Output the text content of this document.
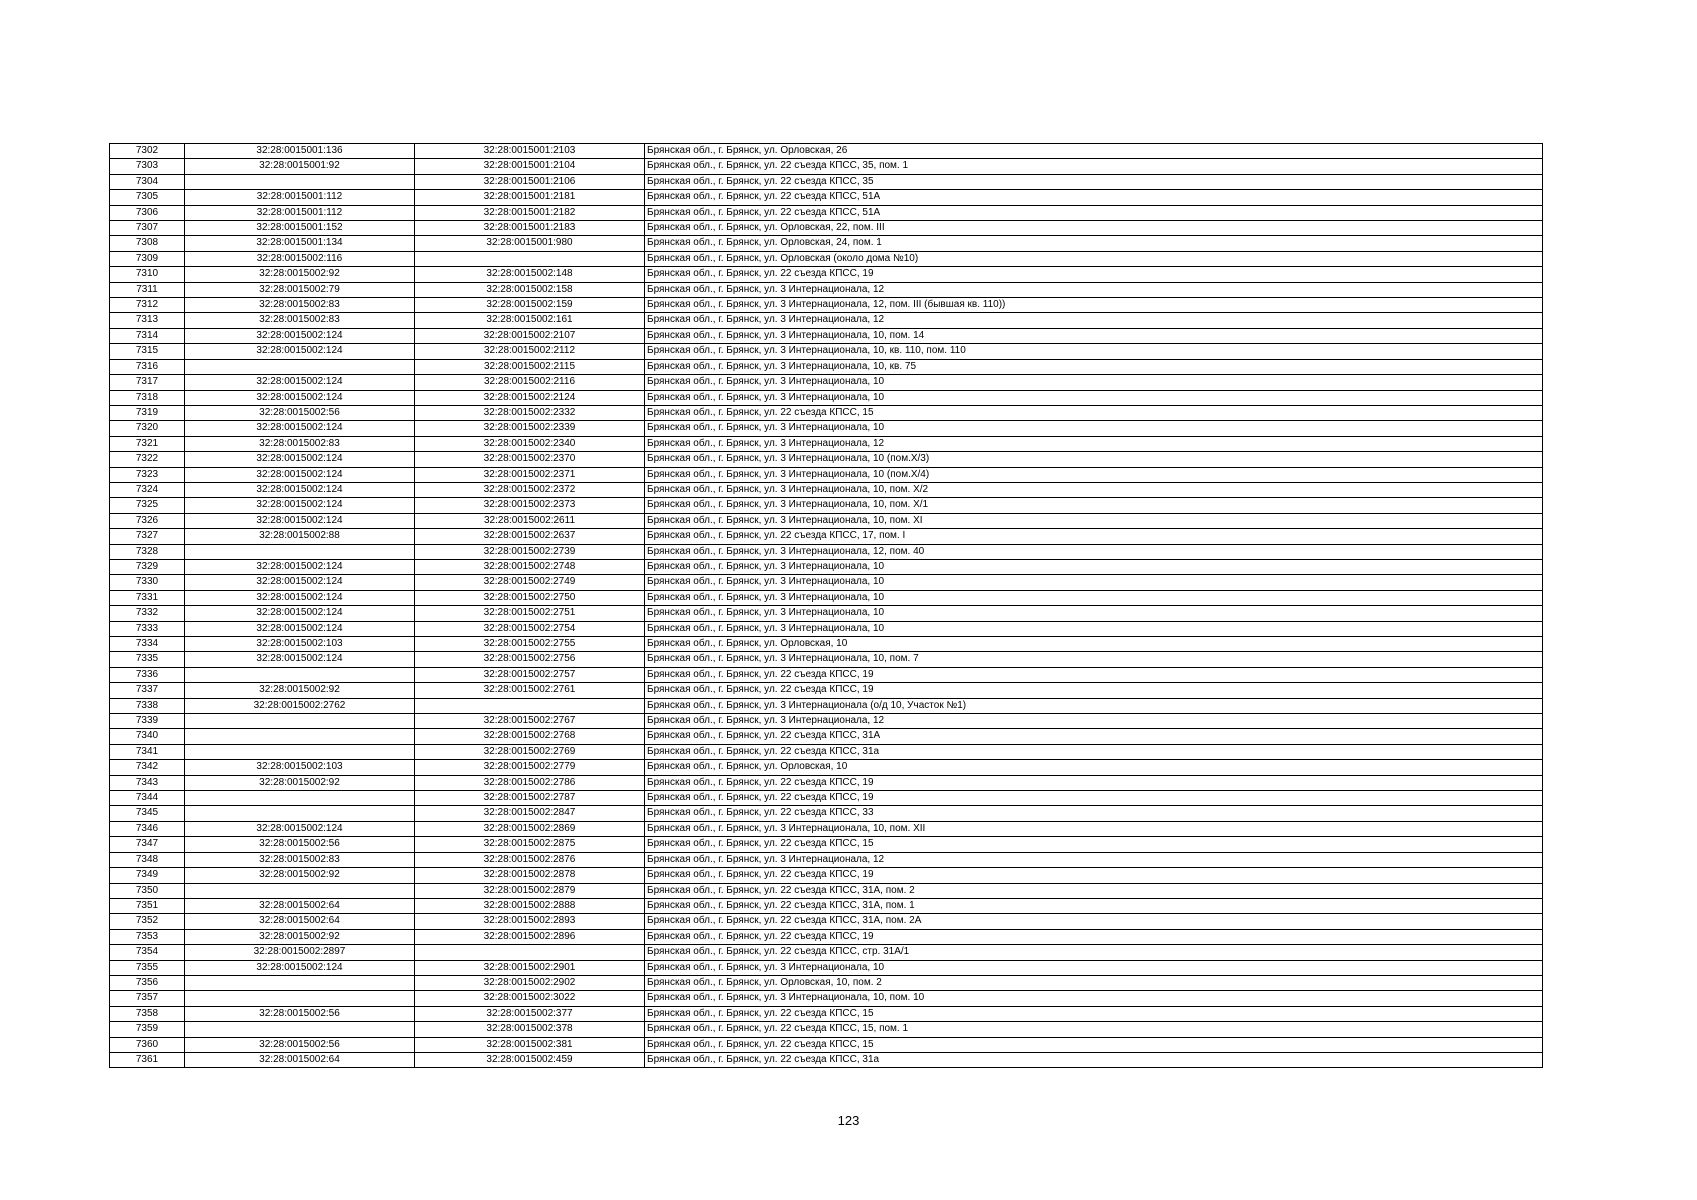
7302	32:28:0015001:136	32:28:0015001:2103	Брянская обл., г. Брянск, ул. Орловская, 26
7303	32:28:0015001:92	32:28:0015001:2104	Брянская обл., г. Брянск, ул. 22 съезда КПСС, 35, пом. 1
7304		32:28:0015001:2106	Брянская обл., г. Брянск, ул. 22 съезда КПСС, 35
7305	32:28:0015001:112	32:28:0015001:2181	Брянская обл., г. Брянск, ул. 22 съезда КПСС, 51А
7306	32:28:0015001:112	32:28:0015001:2182	Брянская обл., г. Брянск, ул. 22 съезда КПСС, 51А
7307	32:28:0015001:152	32:28:0015001:2183	Брянская обл., г. Брянск, ул. Орловская, 22, пом. III
7308	32:28:0015001:134	32:28:0015001:980	Брянская обл., г. Брянск, ул. Орловская, 24, пом. 1
7309	32:28:0015002:116		Брянская обл., г. Брянск, ул. Орловская (около дома №10)
7310	32:28:0015002:92	32:28:0015002:148	Брянская обл., г. Брянск, ул. 22 съезда КПСС, 19
7311	32:28:0015002:79	32:28:0015002:158	Брянская обл., г. Брянск, ул. 3 Интернационала, 12
7312	32:28:0015002:83	32:28:0015002:159	Брянская обл., г. Брянск, ул. 3 Интернационала, 12, пом. III (бывшая кв. 110))
7313	32:28:0015002:83	32:28:0015002:161	Брянская обл., г. Брянск, ул. 3 Интернационала, 12
7314	32:28:0015002:124	32:28:0015002:2107	Брянская обл., г. Брянск, ул. 3 Интернационала, 10, пом. 14
7315	32:28:0015002:124	32:28:0015002:2112	Брянская обл., г. Брянск, ул. 3 Интернационала, 10, кв. 110, пом. 110
7316		32:28:0015002:2115	Брянская обл., г. Брянск, ул. 3 Интернационала, 10, кв. 75
7317	32:28:0015002:124	32:28:0015002:2116	Брянская обл., г. Брянск, ул. 3 Интернационала, 10
7318	32:28:0015002:124	32:28:0015002:2124	Брянская обл., г. Брянск, ул. 3 Интернационала, 10
7319	32:28:0015002:56	32:28:0015002:2332	Брянская обл., г. Брянск, ул. 22 съезда КПСС, 15
7320	32:28:0015002:124	32:28:0015002:2339	Брянская обл., г. Брянск, ул. 3 Интернационала, 10
7321	32:28:0015002:83	32:28:0015002:2340	Брянская обл., г. Брянск, ул. 3 Интернационала, 12
7322	32:28:0015002:124	32:28:0015002:2370	Брянская обл., г. Брянск, ул. 3 Интернационала, 10 (пом.Х/3)
7323	32:28:0015002:124	32:28:0015002:2371	Брянская обл., г. Брянск, ул. 3 Интернационала, 10 (пом.Х/4)
7324	32:28:0015002:124	32:28:0015002:2372	Брянская обл., г. Брянск, ул. 3 Интернационала, 10, пом. Х/2
7325	32:28:0015002:124	32:28:0015002:2373	Брянская обл., г. Брянск, ул. 3 Интернационала, 10, пом. Х/1
7326	32:28:0015002:124	32:28:0015002:2611	Брянская обл., г. Брянск, ул. 3 Интернационала, 10, пом. XI
7327	32:28:0015002:88	32:28:0015002:2637	Брянская обл., г. Брянск, ул. 22 съезда КПСС, 17, пом. I
7328		32:28:0015002:2739	Брянская обл., г. Брянск, ул. 3 Интернационала, 12, пом. 40
7329	32:28:0015002:124	32:28:0015002:2748	Брянская обл., г. Брянск, ул. 3 Интернационала, 10
7330	32:28:0015002:124	32:28:0015002:2749	Брянская обл., г. Брянск, ул. 3 Интернационала, 10
7331	32:28:0015002:124	32:28:0015002:2750	Брянская обл., г. Брянск, ул. 3 Интернационала, 10
7332	32:28:0015002:124	32:28:0015002:2751	Брянская обл., г. Брянск, ул. 3 Интернационала, 10
7333	32:28:0015002:124	32:28:0015002:2754	Брянская обл., г. Брянск, ул. 3 Интернационала, 10
7334	32:28:0015002:103	32:28:0015002:2755	Брянская обл., г. Брянск, ул. Орловская, 10
7335	32:28:0015002:124	32:28:0015002:2756	Брянская обл., г. Брянск, ул. 3 Интернационала, 10, пом. 7
7336		32:28:0015002:2757	Брянская обл., г. Брянск, ул. 22 съезда КПСС, 19
7337	32:28:0015002:92	32:28:0015002:2761	Брянская обл., г. Брянск, ул. 22 съезда КПСС, 19
7338	32:28:0015002:2762		Брянская обл., г. Брянск, ул. 3 Интернационала (о/д 10, Участок №1)
7339		32:28:0015002:2767	Брянская обл., г. Брянск, ул. 3 Интернационала, 12
7340		32:28:0015002:2768	Брянская обл., г. Брянск, ул. 22 съезда КПСС, 31А
7341		32:28:0015002:2769	Брянская обл., г. Брянск, ул. 22 съезда КПСС, 31а
7342	32:28:0015002:103	32:28:0015002:2779	Брянская обл., г. Брянск, ул. Орловская, 10
7343	32:28:0015002:92	32:28:0015002:2786	Брянская обл., г. Брянск, ул. 22 съезда КПСС, 19
7344		32:28:0015002:2787	Брянская обл., г. Брянск, ул. 22 съезда КПСС, 19
7345		32:28:0015002:2847	Брянская обл., г. Брянск, ул. 22 съезда КПСС, 33
7346	32:28:0015002:124	32:28:0015002:2869	Брянская обл., г. Брянск, ул. 3 Интернационала, 10, пом. XII
7347	32:28:0015002:56	32:28:0015002:2875	Брянская обл., г. Брянск, ул. 22 съезда КПСС, 15
7348	32:28:0015002:83	32:28:0015002:2876	Брянская обл., г. Брянск, ул. 3 Интернационала, 12
7349	32:28:0015002:92	32:28:0015002:2878	Брянская обл., г. Брянск, ул. 22 съезда КПСС, 19
7350		32:28:0015002:2879	Брянская обл., г. Брянск, ул. 22 съезда КПСС, 31А, пом. 2
7351	32:28:0015002:64	32:28:0015002:2888	Брянская обл., г. Брянск, ул. 22 съезда КПСС, 31А, пом. 1
7352	32:28:0015002:64	32:28:0015002:2893	Брянская обл., г. Брянск, ул. 22 съезда КПСС, 31А, пом. 2А
7353	32:28:0015002:92	32:28:0015002:2896	Брянская обл., г. Брянск, ул. 22 съезда КПСС, 19
7354	32:28:0015002:2897		Брянская обл., г. Брянск, ул. 22 съезда КПСС, стр. 31А/1
7355	32:28:0015002:124	32:28:0015002:2901	Брянская обл., г. Брянск, ул. 3 Интернационала, 10
7356		32:28:0015002:2902	Брянская обл., г. Брянск, ул. Орловская, 10, пом. 2
7357		32:28:0015002:3022	Брянская обл., г. Брянск, ул. 3 Интернационала, 10, пом. 10
7358	32:28:0015002:56	32:28:0015002:377	Брянская обл., г. Брянск, ул. 22 съезда КПСС, 15
7359		32:28:0015002:378	Брянская обл., г. Брянск, ул. 22 съезда КПСС, 15, пом. 1
7360	32:28:0015002:56	32:28:0015002:381	Брянская обл., г. Брянск, ул. 22 съезда КПСС, 15
7361	32:28:0015002:64	32:28:0015002:459	Брянская обл., г. Брянск, ул. 22 съезда КПСС, 31а
123
